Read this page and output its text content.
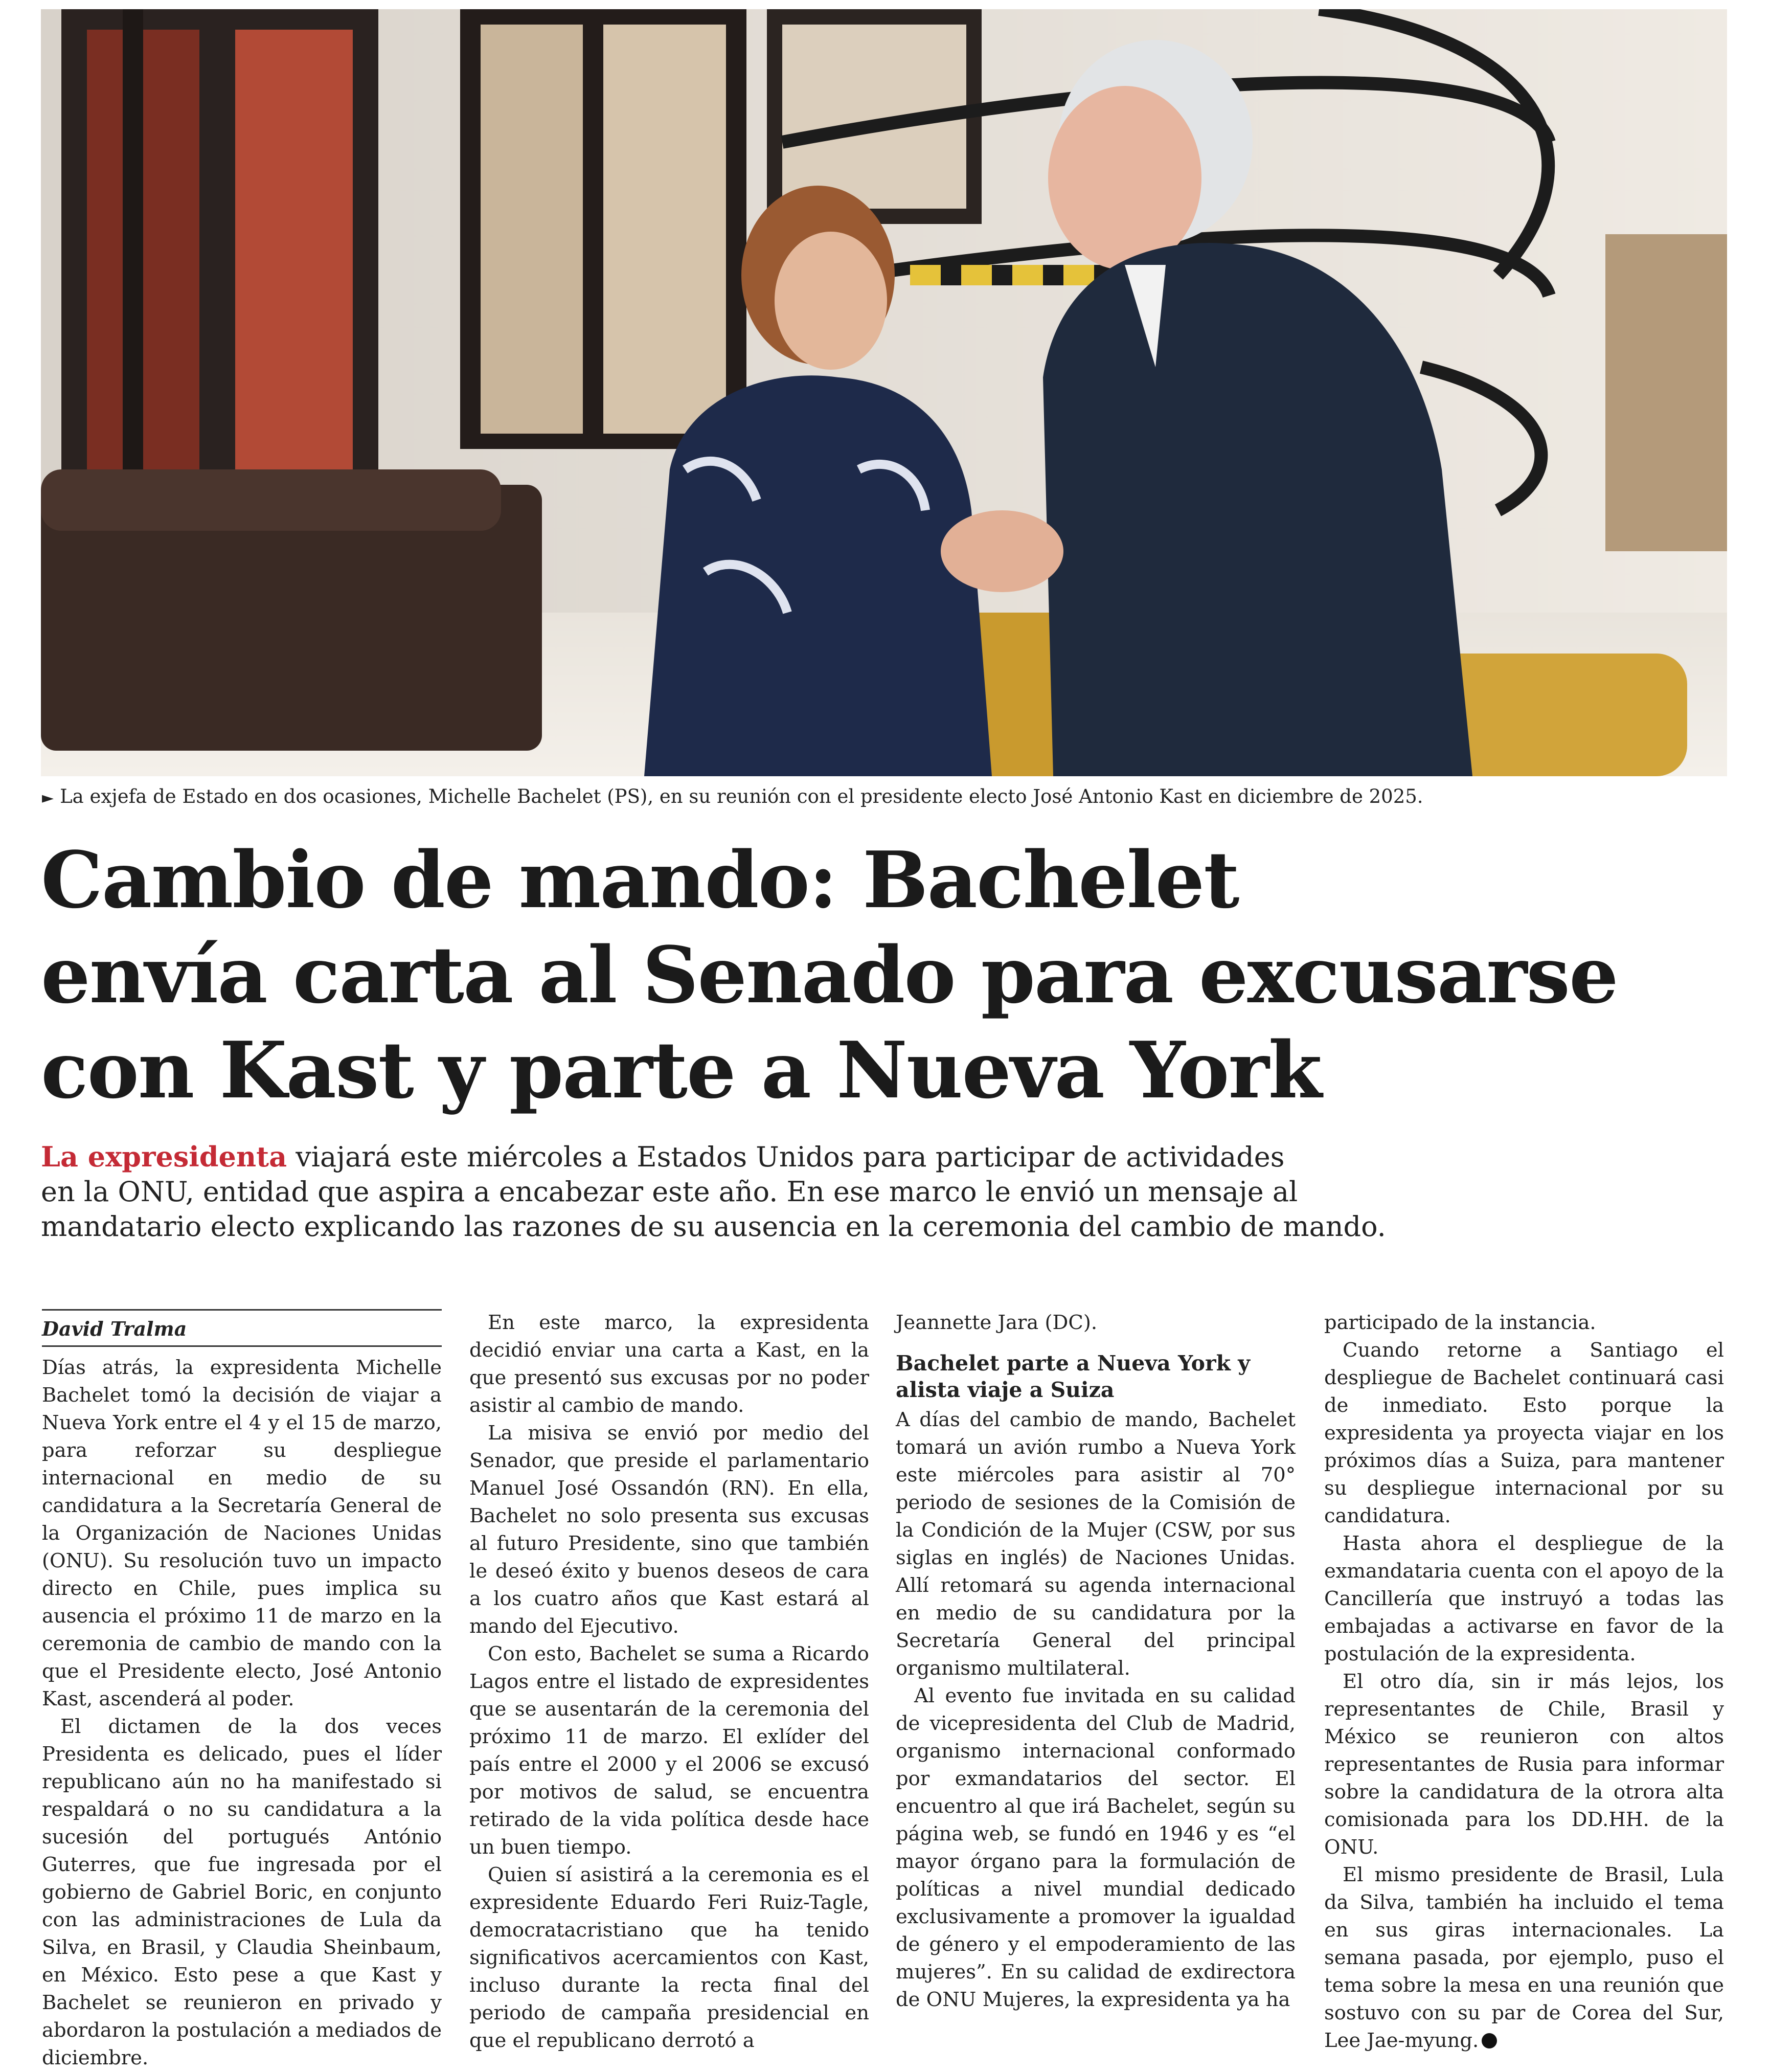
► La exjefa de Estado en dos ocasiones, Michelle Bachelet (PS), en su reunión con el presidente electo José Antonio Kast en diciembre de 2025.
Cambio de mando: Bachelet
envía carta al Senado para excusarse
con Kast y parte a Nueva York
La expresidenta viajará este miércoles a Estados Unidos para participar de actividades
en la ONU, entidad que aspira a encabezar este año. En ese marco le envió un mensaje al
mandatario electo explicando las razones de su ausencia en la ceremonia del cambio de mando.
David Tralma

Días atrás, la expresidenta Michelle Bachelet tomó la decisión de viajar a Nueva York entre el 4 y el 15 de marzo, para reforzar su despliegue internacional en medio de su candidatura a la Secretaría General de la Organización de Naciones Unidas (ONU). Su resolución tuvo un impacto directo en Chile, pues implica su ausencia el próximo 11 de marzo en la ceremonia de cambio de mando con la que el Presidente electo, José Antonio Kast, ascenderá al poder.

El dictamen de la dos veces Presidenta es delicado, pues el líder republicano aún no ha manifestado si respaldará o no su candidatura a la sucesión del portugués António Guterres, que fue ingresada por el gobierno de Gabriel Boric, en conjunto con las administraciones de Lula da Silva, en Brasil, y Claudia Sheinbaum, en México. Esto pese a que Kast y Bachelet se reunieron en privado y abordaron la postulación a mediados de diciembre.

En este marco, la expresidenta decidió enviar una carta a Kast, en la que presentó sus excusas por no poder asistir al cambio de mando.

La misiva se envió por medio del Senador, que preside el parlamentario Manuel José Ossandón (RN). En ella, Bachelet no solo presenta sus excusas al futuro Presidente, sino que también le deseó éxito y buenos deseos de cara a los cuatro años que Kast estará al mando del Ejecutivo.

Con esto, Bachelet se suma a Ricardo Lagos entre el listado de expresidentes que se ausentarán de la ceremonia del próximo 11 de marzo. El exlíder del país entre el 2000 y el 2006 se excusó por motivos de salud, se encuentra retirado de la vida política desde hace un buen tiempo.

Quien sí asistirá a la ceremonia es el expresidente Eduardo Feri Ruiz-Tagle, democratacristiano que ha tenido significativos acercamientos con Kast, incluso durante la recta final del periodo de campaña presidencial en que el republicano derrotó a

Jeannette Jara (DC).

Bachelet parte a Nueva York y alista viaje a Suiza

A días del cambio de mando, Bachelet tomará un avión rumbo a Nueva York este miércoles para asistir al 70° periodo de sesiones de la Comisión de la Condición de la Mujer (CSW, por sus siglas en inglés) de Naciones Unidas. Allí retomará su agenda internacional en medio de su candidatura por la Secretaría General del principal organismo multilateral.

Al evento fue invitada en su calidad de vicepresidenta del Club de Madrid, organismo internacional conformado por exmandatarios del sector. El encuentro al que irá Bachelet, según su página web, se fundó en 1946 y es “el mayor órgano para la formulación de políticas a nivel mundial dedicado exclusivamente a promover la igualdad de género y el empoderamiento de las mujeres”. En su calidad de exdirectora de ONU Mujeres, la expresidenta ya ha

participado de la instancia.

Cuando retorne a Santiago el despliegue de Bachelet continuará casi de inmediato. Esto porque la expresidenta ya proyecta viajar en los próximos días a Suiza, para mantener su despliegue internacional por su candidatura.

Hasta ahora el despliegue de la exmandataria cuenta con el apoyo de la Cancillería que instruyó a todas las embajadas a activarse en favor de la postulación de la expresidenta.

El otro día, sin ir más lejos, los representantes de Chile, Brasil y México se reunieron con altos representantes de Rusia para informar sobre la candidatura de la otrora alta comisionada para los DD.HH. de la ONU.

El mismo presidente de Brasil, Lula da Silva, también ha incluido el tema en sus giras internacionales. La semana pasada, por ejemplo, puso el tema sobre la mesa en una reunión que sostuvo con su par de Corea del Sur, Lee Jae-myung.
